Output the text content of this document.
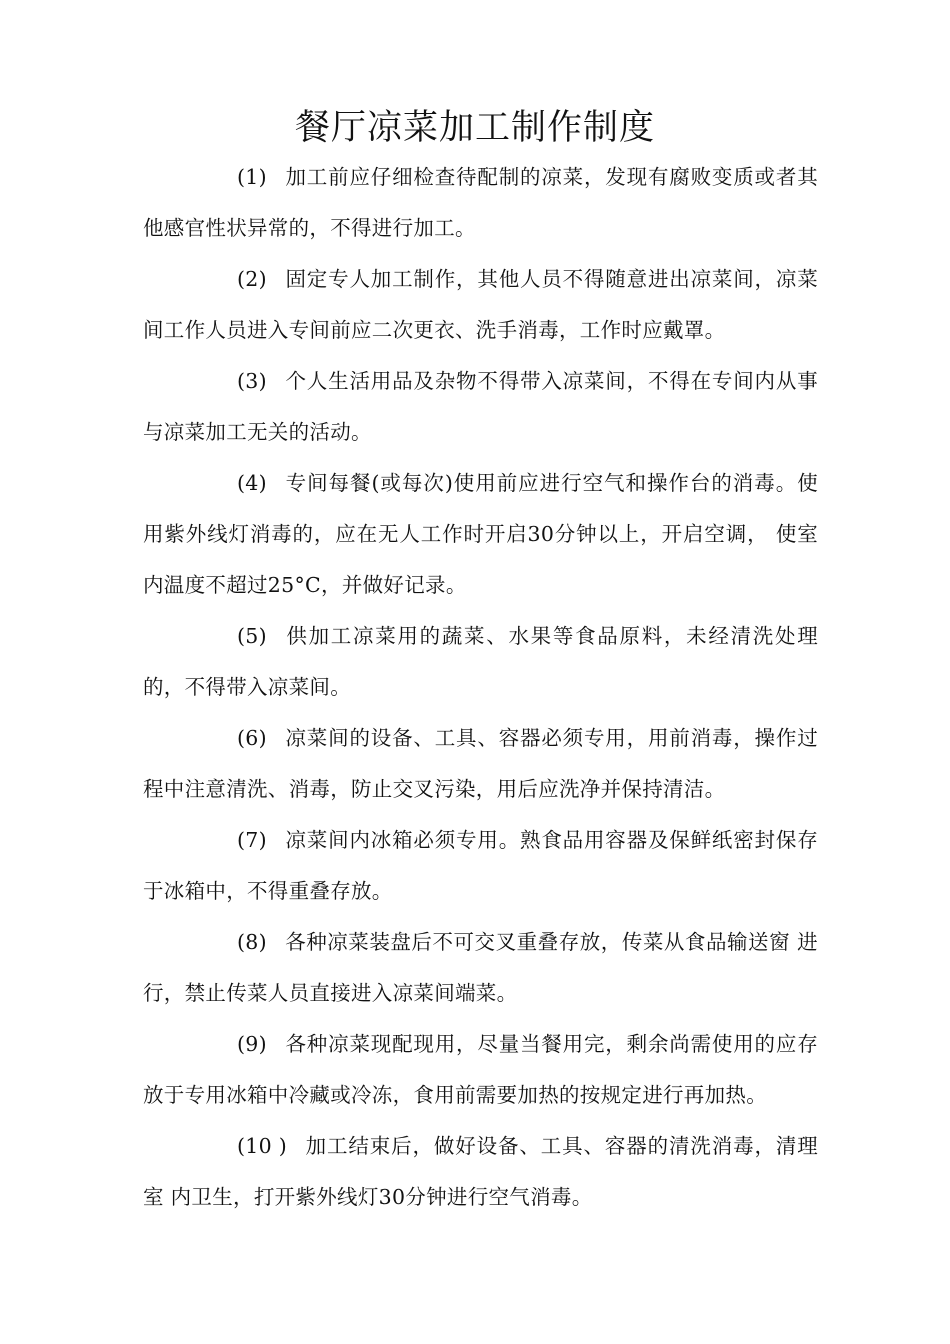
餐厅凉菜加工制作制度

(1) 加工前应仔细检查待配制的凉菜，发现有腐败变质或者其 他感官性状异常的，不得进行加工。

(2) 固定专人加工制作，其他人员不得随意进出凉菜间，凉菜 间工作人员进入专间前应二次更衣、洗手消毒，工作时应戴罩。

(3) 个人生活用品及杂物不得带入凉菜间，不得在专间内从事 与凉菜加工无关的活动。

(4) 专间每餐(或每次)使用前应进行空气和操作台的消毒。使 用紫外线灯消毒的，应在无人工作时开启30分钟以上，开启空调， 使室内温度不超过25°C，并做好记录。

(5) 供加工凉菜用的蔬菜、水果等食品原料，未经清洗处理的，不得带入凉菜间。

(6) 凉菜间的设备、工具、容器必须专用，用前消毒，操作过 程中注意清洗、消毒，防止交叉污染，用后应洗净并保持清洁。

(7) 凉菜间内冰箱必须专用。熟食品用容器及保鲜纸密封保存 于冰箱中，不得重叠存放。

(8) 各种凉菜装盘后不可交叉重叠存放，传菜从食品输送窗 进行，禁止传菜人员直接进入凉菜间端菜。

(9) 各种凉菜现配现用，尽量当餐用完，剩余尚需使用的应存 放于专用冰箱中冷藏或冷冻，食用前需要加热的按规定进行再加热。

(10 ) 加工结束后，做好设备、工具、容器的清洗消毒，清理室 内卫生，打开紫外线灯30分钟进行空气消毒。
